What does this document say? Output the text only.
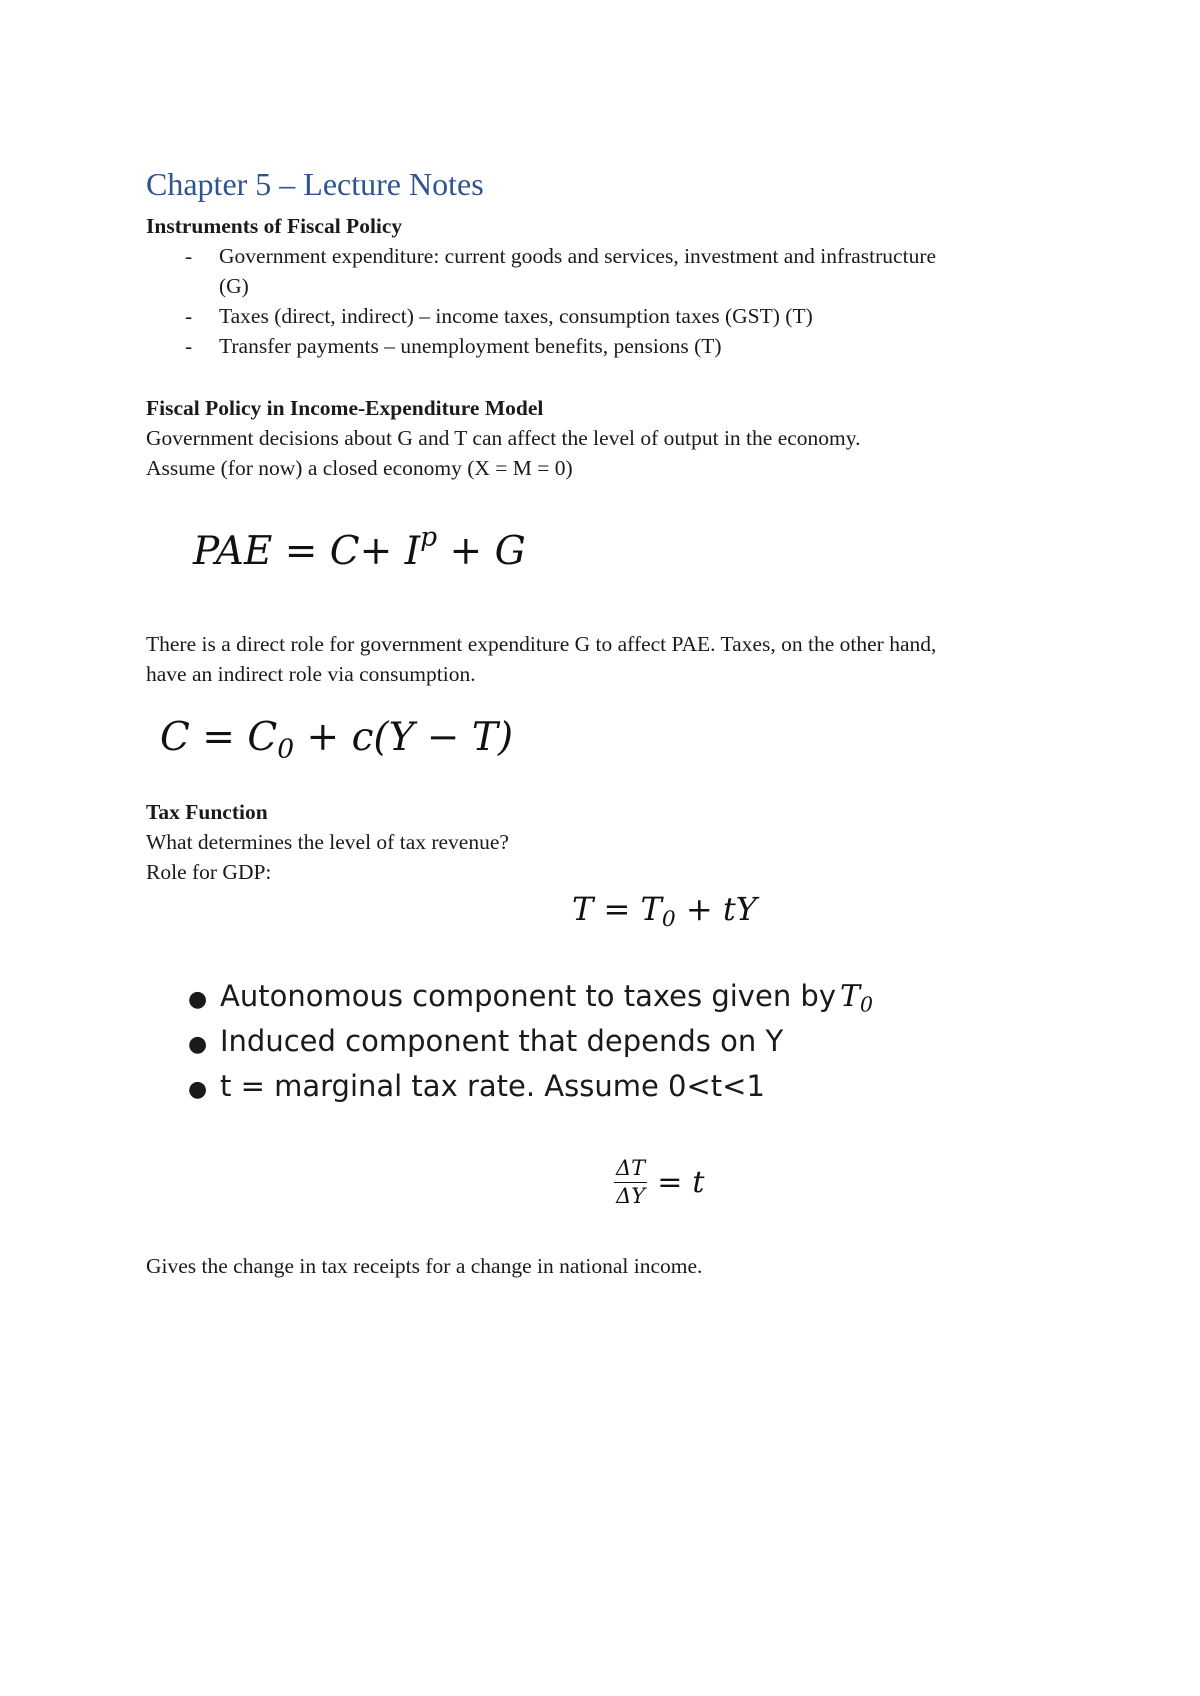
Chapter 5 – Lecture Notes
Instruments of Fiscal Policy
- Government expenditure: current goods and services, investment and infrastructure
(G)
- Taxes (direct, indirect) – income taxes, consumption taxes (GST) (T)
- Transfer payments – unemployment benefits, pensions (T)
Fiscal Policy in Income-Expenditure Model
Government decisions about G and T can affect the level of output in the economy.
Assume (for now) a closed economy (X = M = 0)
PAE = $C+ I^p + G$
There is a direct role for government expenditure G to affect PAE. Taxes, on the other hand,
have an indirect role via consumption.
$C = C_0 + c(Y - T)$
Tax Function
What determines the level of tax revenue?
Role for GDP:
$T = T_0$ + tY
● Autonomous component to taxes given by $T_0$
● Induced component that depends on Y
● t = marginal tax rate. Assume 0<t<1
$\frac{\Delta T}{\Delta Y} = t$
Gives the change in tax receipts for a change in national income.
